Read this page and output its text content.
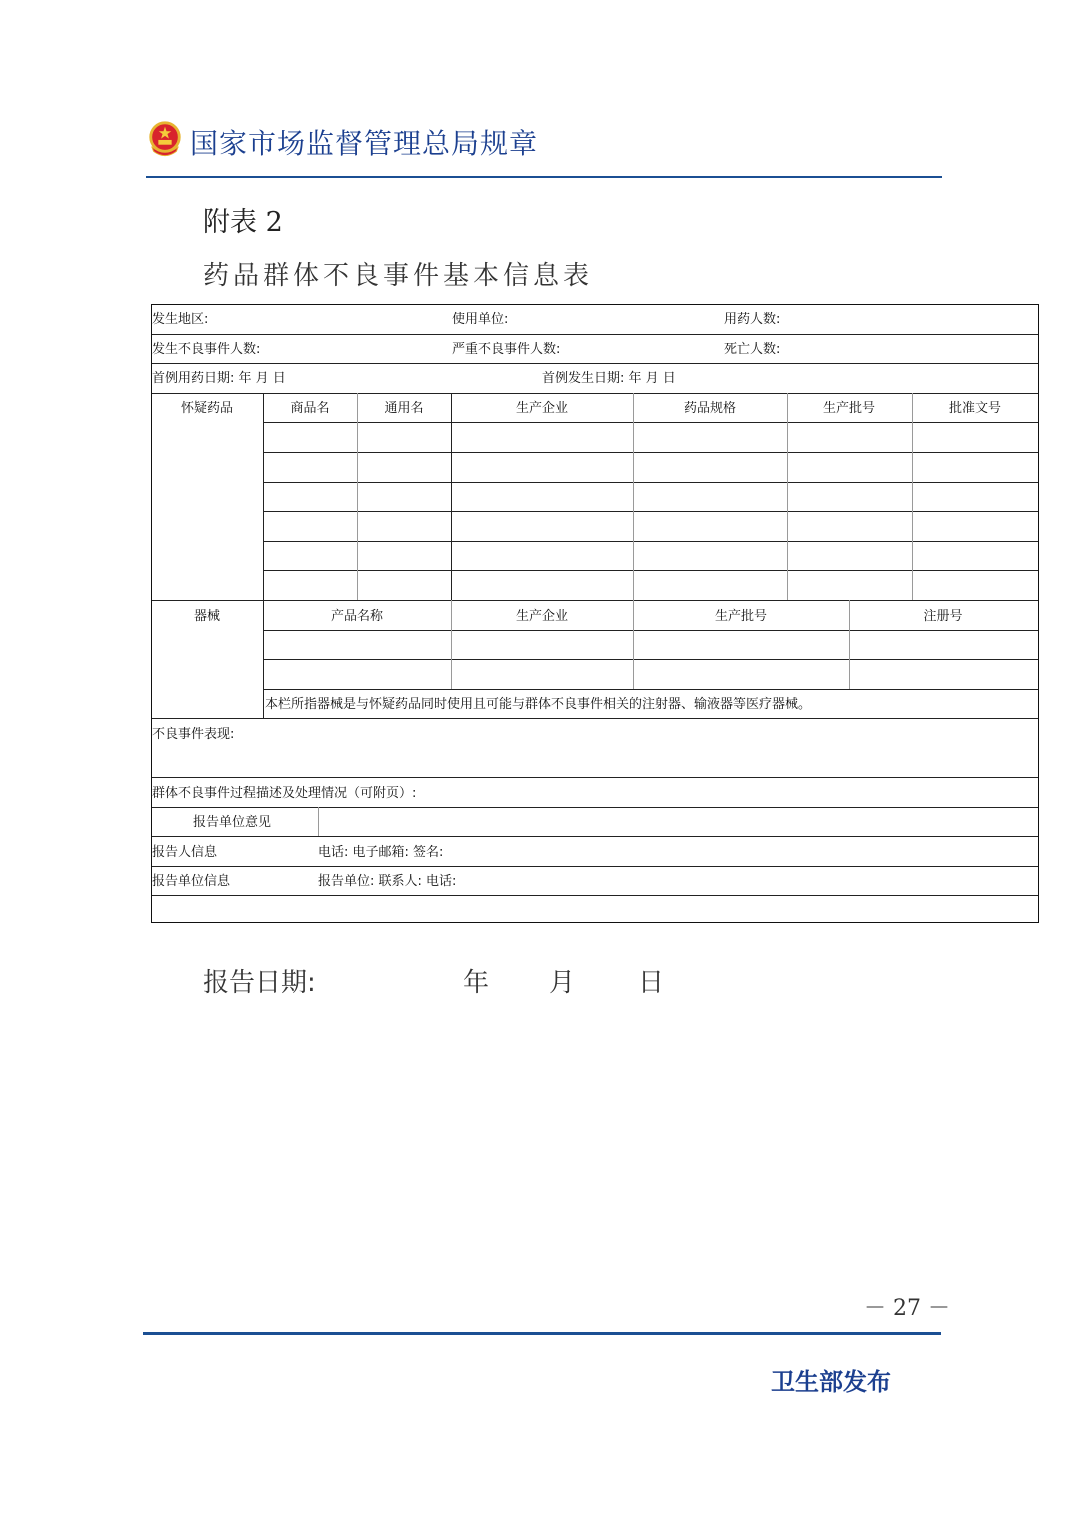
国家市场监督管理总局规章
附表 2
药品群体不良事件基本信息表
发生地区:	使用单位:	用药人数:
发生不良事件人数:	严重不良事件人数:	死亡人数:
首例用药日期: 年 月 日	首例发生日期: 年 月 日
怀疑药品	商品名	通用名	生产企业	药品规格	生产批号	批准文号
器械	产品名称	生产企业	生产批号	注册号
本栏所指器械是与怀疑药品同时使用且可能与群体不良事件相关的注射器、输液器等医疗器械。
不良事件表现:
群体不良事件过程描述及处理情况（可附页）:
报告单位意见
报告人信息	电话: 电子邮箱: 签名:
报告单位信息	报告单位: 联系人: 电话:
报告日期:	年 月 日
－ 27 －
卫生部发布
